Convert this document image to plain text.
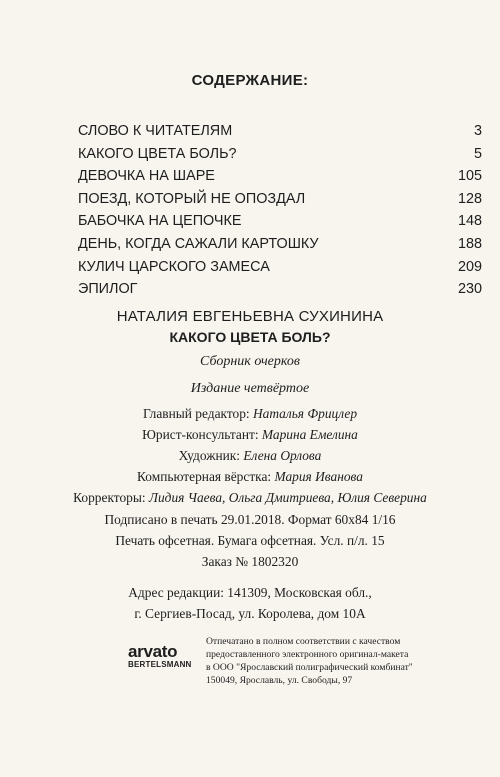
СОДЕРЖАНИЕ:
СЛОВО К ЧИТАТЕЛЯМ	3
КАКОГО ЦВЕТА БОЛЬ?	5
ДЕВОЧКА НА ШАРЕ	105
ПОЕЗД, КОТОРЫЙ НЕ ОПОЗДАЛ	128
БАБОЧКА НА ЦЕПОЧКЕ	148
ДЕНЬ, КОГДА САЖАЛИ КАРТОШКУ	188
КУЛИЧ ЦАРСКОГО ЗАМЕСА	209
ЭПИЛОГ	230
НАТАЛИЯ ЕВГЕНЬЕВНА СУХИНИНА
КАКОГО ЦВЕТА БОЛЬ?
Сборник очерков
Издание четвёртое
Главный редактор: Наталья Фрицлер
Юрист-консультант: Марина Емелина
Художник: Елена Орлова
Компьютерная вёрстка: Мария Иванова
Корректоры: Лидия Чаева, Ольга Дмитриева, Юлия Северина
Подписано в печать 29.01.2018. Формат 60x84 1/16
Печать офсетная. Бумага офсетная. Усл. п/л. 15
Заказ № 1802320
Адрес редакции: 141309, Московская обл.,
г. Сергиев-Посад, ул. Королева, дом 10А
arvato
BERTELSMANN
Отпечатано в полном соответствии с качеством
предоставленного электронного оригинал-макета
в ООО "Ярославский полиграфический комбинат"
150049, Ярославль, ул. Свободы, 97
